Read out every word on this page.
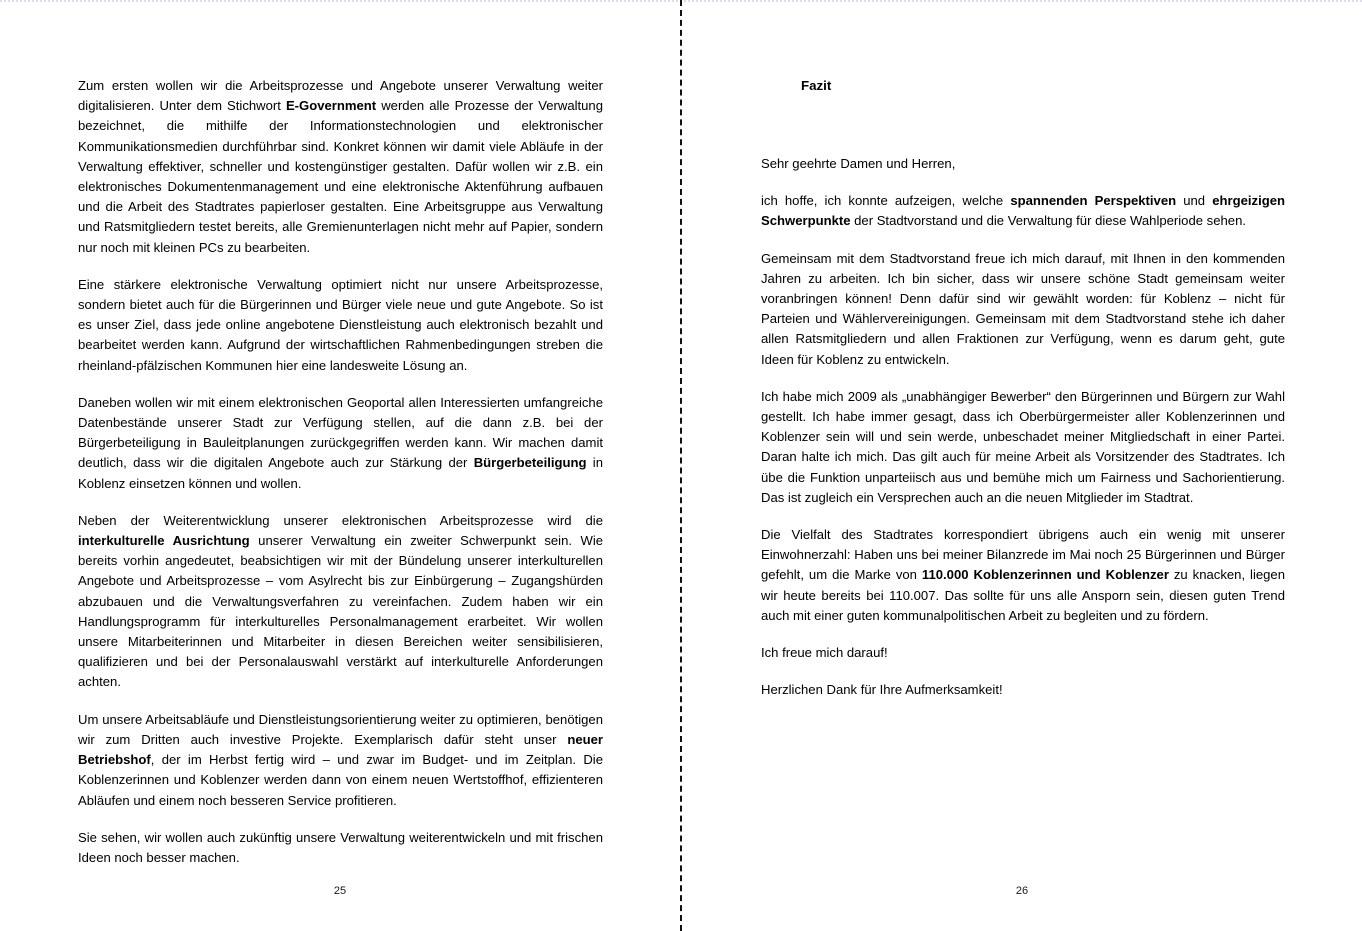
Zum ersten wollen wir die Arbeitsprozesse und Angebote unserer Verwaltung weiter digitalisieren. Unter dem Stichwort E-Government werden alle Prozesse der Verwaltung bezeichnet, die mithilfe der Informationstechnologien und elektronischer Kommunikationsmedien durchführbar sind. Konkret können wir damit viele Abläufe in der Verwaltung effektiver, schneller und kostengünstiger gestalten. Dafür wollen wir z.B. ein elektronisches Dokumentenmanagement und eine elektronische Aktenführung aufbauen und die Arbeit des Stadtrates papierloser gestalten. Eine Arbeitsgruppe aus Verwaltung und Ratsmitgliedern testet bereits, alle Gremienunterlagen nicht mehr auf Papier, sondern nur noch mit kleinen PCs zu bearbeiten.

Eine stärkere elektronische Verwaltung optimiert nicht nur unsere Arbeitsprozesse, sondern bietet auch für die Bürgerinnen und Bürger viele neue und gute Angebote. So ist es unser Ziel, dass jede online angebotene Dienstleistung auch elektronisch bezahlt und bearbeitet werden kann. Aufgrund der wirtschaftlichen Rahmenbedingungen streben die rheinland-pfälzischen Kommunen hier eine landesweite Lösung an.

Daneben wollen wir mit einem elektronischen Geoportal allen Interessierten umfangreiche Datenbestände unserer Stadt zur Verfügung stellen, auf die dann z.B. bei der Bürgerbeteiligung in Bauleitplanungen zurückgegriffen werden kann. Wir machen damit deutlich, dass wir die digitalen Angebote auch zur Stärkung der Bürgerbeteiligung in Koblenz einsetzen können und wollen.

Neben der Weiterentwicklung unserer elektronischen Arbeitsprozesse wird die interkulturelle Ausrichtung unserer Verwaltung ein zweiter Schwerpunkt sein. Wie bereits vorhin angedeutet, beabsichtigen wir mit der Bündelung unserer interkulturellen Angebote und Arbeitsprozesse – vom Asylrecht bis zur Einbürgerung – Zugangshürden abzubauen und die Verwaltungsverfahren zu vereinfachen. Zudem haben wir ein Handlungsprogramm für interkulturelles Personalmanagement erarbeitet. Wir wollen unsere Mitarbeiterinnen und Mitarbeiter in diesen Bereichen weiter sensibilisieren, qualifizieren und bei der Personalauswahl verstärkt auf interkulturelle Anforderungen achten.

Um unsere Arbeitsabläufe und Dienstleistungsorientierung weiter zu optimieren, benötigen wir zum Dritten auch investive Projekte. Exemplarisch dafür steht unser neuer Betriebshof, der im Herbst fertig wird – und zwar im Budget- und im Zeitplan. Die Koblenzerinnen und Koblenzer werden dann von einem neuen Wertstoffhof, effizienteren Abläufen und einem noch besseren Service profitieren.

Sie sehen, wir wollen auch zukünftig unsere Verwaltung weiterentwickeln und mit frischen Ideen noch besser machen.

25
Fazit

Sehr geehrte Damen und Herren,

ich hoffe, ich konnte aufzeigen, welche spannenden Perspektiven und ehrgeizigen Schwerpunkte der Stadtvorstand und die Verwaltung für diese Wahlperiode sehen.

Gemeinsam mit dem Stadtvorstand freue ich mich darauf, mit Ihnen in den kommenden Jahren zu arbeiten. Ich bin sicher, dass wir unsere schöne Stadt gemeinsam weiter voranbringen können! Denn dafür sind wir gewählt worden: für Koblenz – nicht für Parteien und Wählervereinigungen. Gemeinsam mit dem Stadtvorstand stehe ich daher allen Ratsmitgliedern und allen Fraktionen zur Verfügung, wenn es darum geht, gute Ideen für Koblenz zu entwickeln.

Ich habe mich 2009 als „unabhängiger Bewerber“ den Bürgerinnen und Bürgern zur Wahl gestellt. Ich habe immer gesagt, dass ich Oberbürgermeister aller Koblenzerinnen und Koblenzer sein will und sein werde, unbeschadet meiner Mitgliedschaft in einer Partei. Daran halte ich mich. Das gilt auch für meine Arbeit als Vorsitzender des Stadtrates. Ich übe die Funktion unparteiisch aus und bemühe mich um Fairness und Sachorientierung. Das ist zugleich ein Versprechen auch an die neuen Mitglieder im Stadtrat.

Die Vielfalt des Stadtrates korrespondiert übrigens auch ein wenig mit unserer Einwohnerzahl: Haben uns bei meiner Bilanzrede im Mai noch 25 Bürgerinnen und Bürger gefehlt, um die Marke von 110.000 Koblenzerinnen und Koblenzer zu knacken, liegen wir heute bereits bei 110.007. Das sollte für uns alle Ansporn sein, diesen guten Trend auch mit einer guten kommunalpolitischen Arbeit zu begleiten und zu fördern.

Ich freue mich darauf!

Herzlichen Dank für Ihre Aufmerksamkeit!

26
